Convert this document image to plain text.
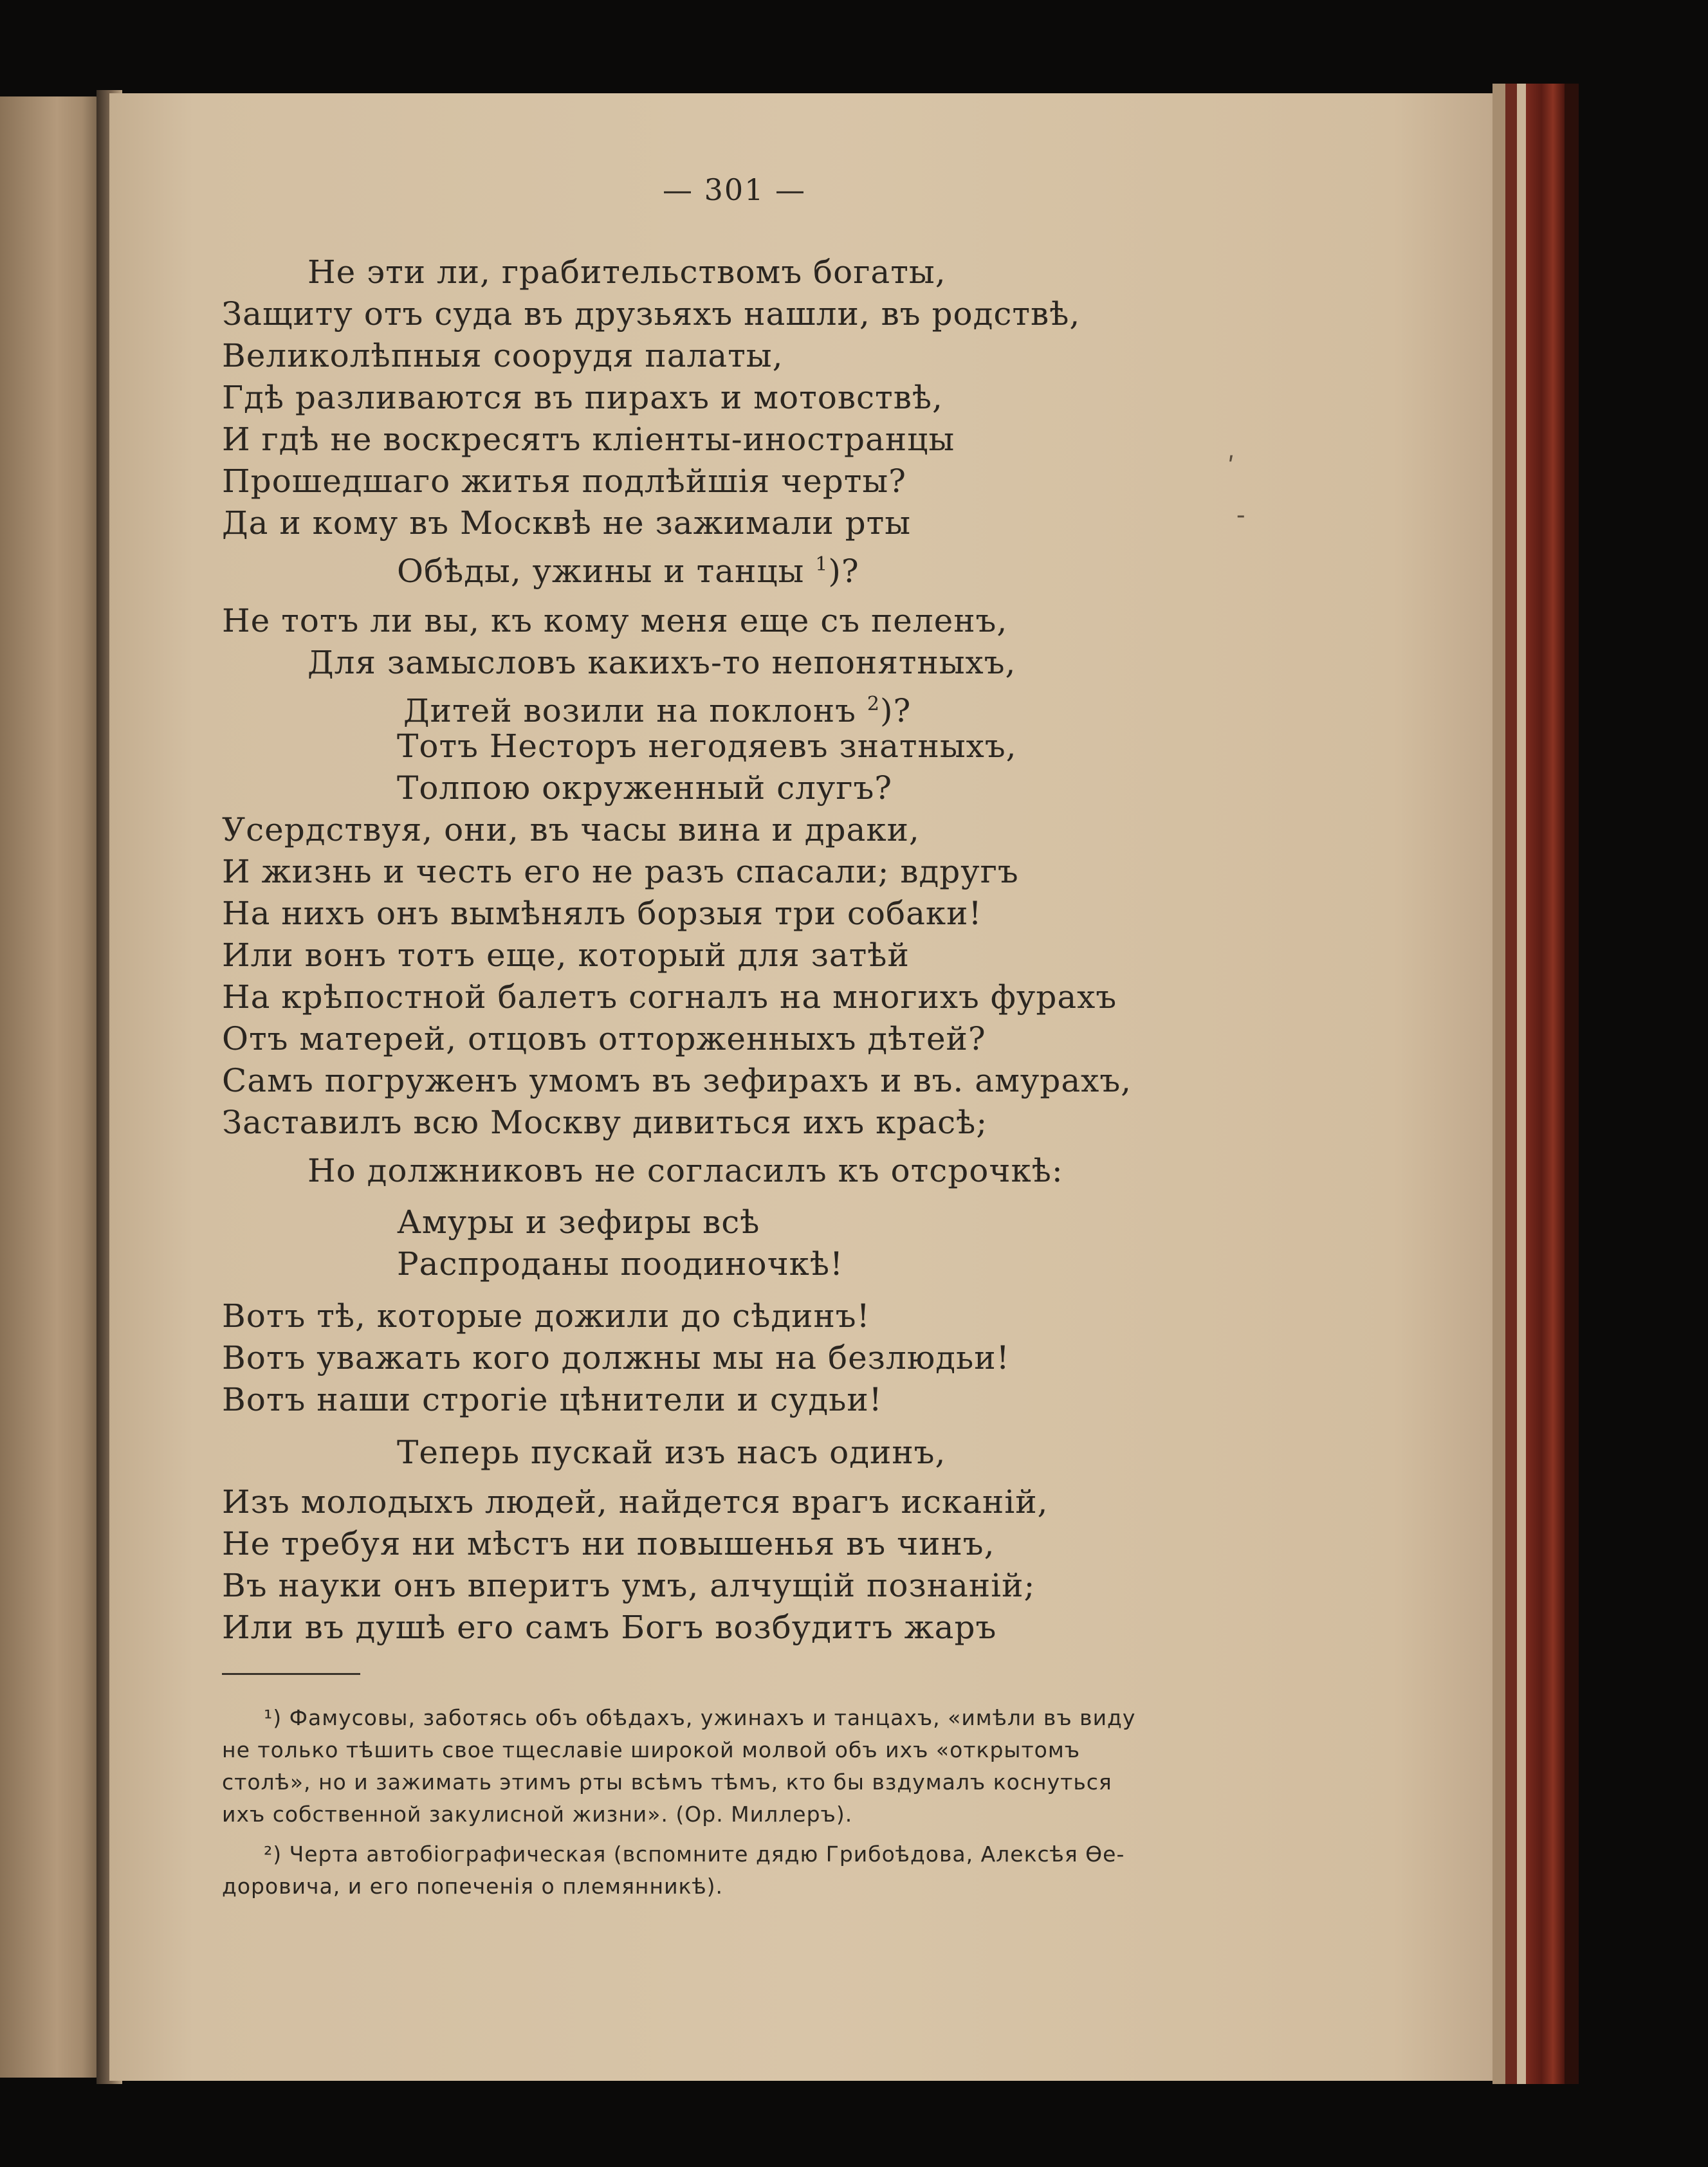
— 301 —
Не эти ли, грабительствомъ богаты,
Защиту отъ суда въ друзьяхъ нашли, въ родствѣ,
Великолѣпныя соорудя палаты,
Гдѣ разливаются въ пирахъ и мотовствѣ,
И гдѣ не воскресятъ кліенты-иностранцы
Прошедшаго житья подлѣйшія черты?
Да и кому въ Москвѣ не зажимали рты
Обѣды, ужины и танцы $^1$)?
Не тотъ ли вы, къ кому меня еще съ пеленъ,
Для замысловъ какихъ-то непонятныхъ,
Дитей возили на поклонъ $^2$)?
Тотъ Несторъ негодяевъ знатныхъ,
Толпою окруженный слугъ?
Усердствуя, они, въ часы вина и драки,
И жизнь и честь его не разъ спасали; вдругъ
На нихъ онъ вымѣнялъ борзыя три собаки!
Или вонъ тотъ еще, который для затѣй
На крѣпостной балетъ согналъ на многихъ фурахъ
Отъ матерей, отцовъ отторженныхъ дѣтей?
Самъ погруженъ умомъ въ зефирахъ и въ. амурахъ,
Заставилъ всю Москву дивиться ихъ красѣ;
Но должниковъ не согласилъ къ отсрочкѣ:
Амуры и зефиры всѣ
Распроданы поодиночкѣ!
Вотъ тѣ, которые дожили до сѣдинъ!
Вотъ уважать кого должны мы на безлюдьи!
Вотъ наши строгіе цѣнители и судьи!
Теперь пускай изъ насъ одинъ,
Изъ молодыхъ людей, найдется врагъ исканій,
Не требуя ни мѣстъ ни повышенья въ чинъ,
Въ науки онъ вперитъ умъ, алчущій познаній;
Или въ душѣ его самъ Богъ возбудитъ жаръ
¹) Фамусовы, заботясь объ обѣдахъ, ужинахъ и танцахъ, «имѣли въ виду
не только тѣшить свое тщеславіе широкой молвой объ ихъ «открытомъ
столѣ», но и зажимать этимъ рты всѣмъ тѣмъ, кто бы вздумалъ коснуться
ихъ собственной закулисной жизни». (Ор. Миллеръ).
²) Черта автобіографическая (вспомните дядю Грибоѣдова, Алексѣя Ѳе-
доровича, и его попеченія о племянникѣ).
ʹ
‐
